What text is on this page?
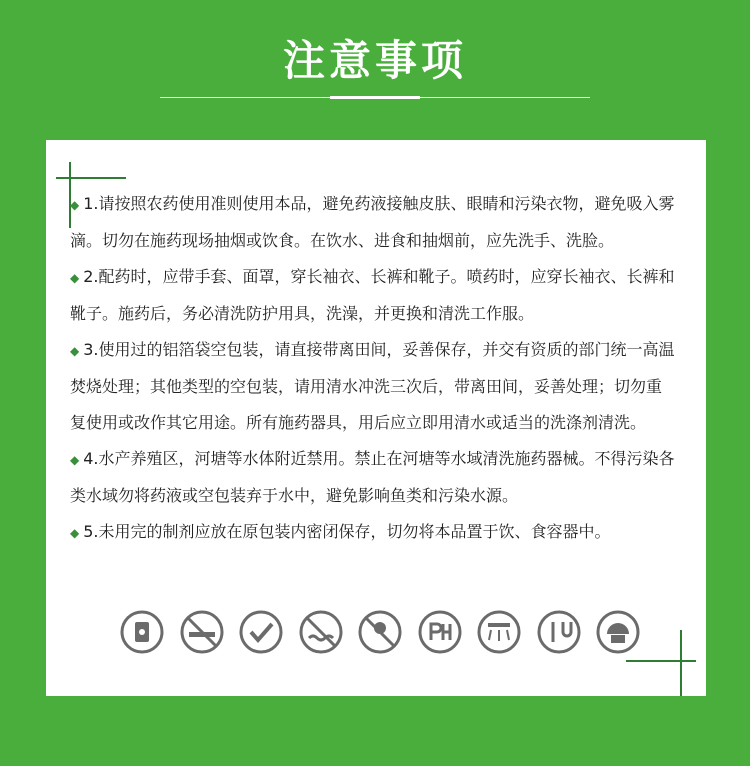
注意事项

◆ 1.请按照农药使用准则使用本品，避免药液接触皮肤、眼睛和污染衣物，避免吸入雾滴。切勿在施药现场抽烟或饮食。在饮水、进食和抽烟前，应先洗手、洗脸。

◆ 2.配药时，应带手套、面罩，穿长袖衣、长裤和靴子。喷药时，应穿长袖衣、长裤和靴子。施药后，务必清洗防护用具，洗澡，并更换和清洗工作服。

◆ 3.使用过的铝箔袋空包装，请直接带离田间，妥善保存，并交有资质的部门统一高温焚烧处理；其他类型的空包装，请用清水冲洗三次后，带离田间，妥善处理；切勿重复使用或改作其它用途。所有施药器具，用后应立即用清水或适当的洗涤剂清洗。

◆ 4.水产养殖区，河塘等水体附近禁用。禁止在河塘等水域清洗施药器械。不得污染各类水域勿将药液或空包装弃于水中，避免影响鱼类和污染水源。

◆ 5.未用完的制剂应放在原包装内密闭保存，切勿将本品置于饮、食容器中。
